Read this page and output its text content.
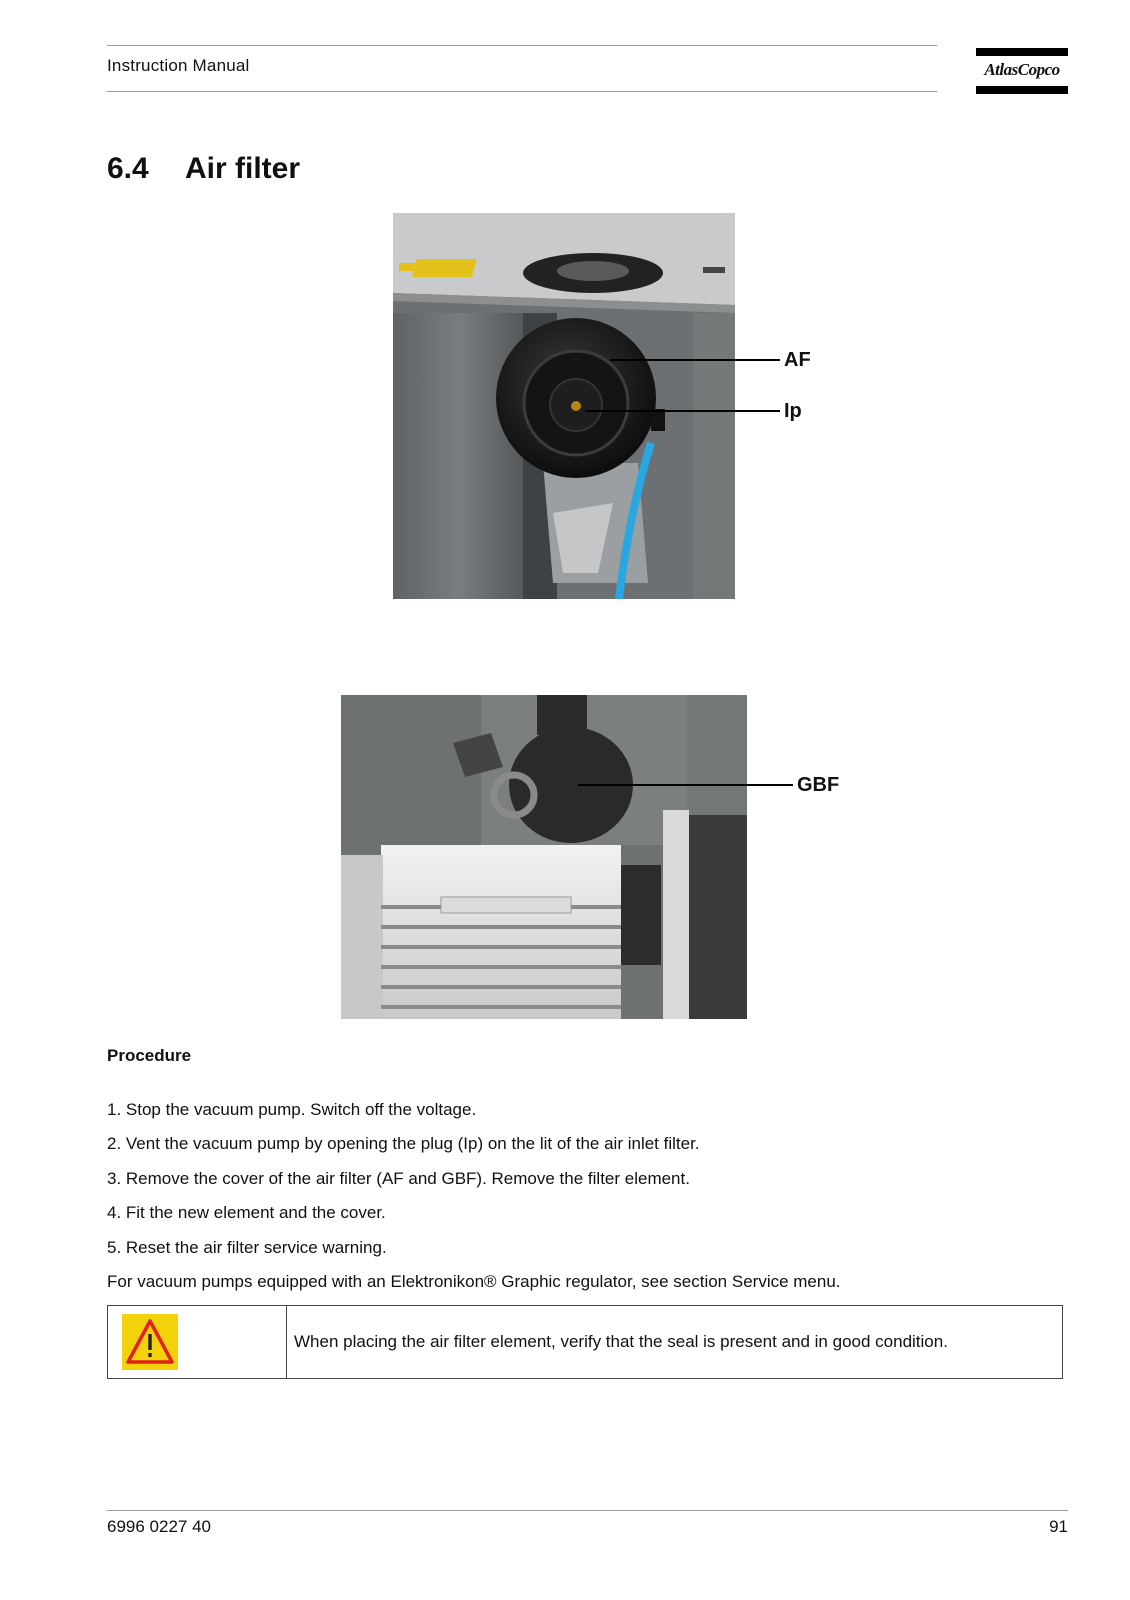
Instruction Manual	AtlasCopco
6.4 Air filter
AF
Ip
GBF
Procedure
1. Stop the vacuum pump. Switch off the voltage.
2. Vent the vacuum pump by opening the plug (Ip) on the lit of the air inlet filter.
3. Remove the cover of the air filter (AF and GBF). Remove the filter element.
4. Fit the new element and the cover.
5. Reset the air filter service warning.
For vacuum pumps equipped with an Elektronikon® Graphic regulator, see section Service menu.
When placing the air filter element, verify that the seal is present and in good condition.
6996 0227 40	91
